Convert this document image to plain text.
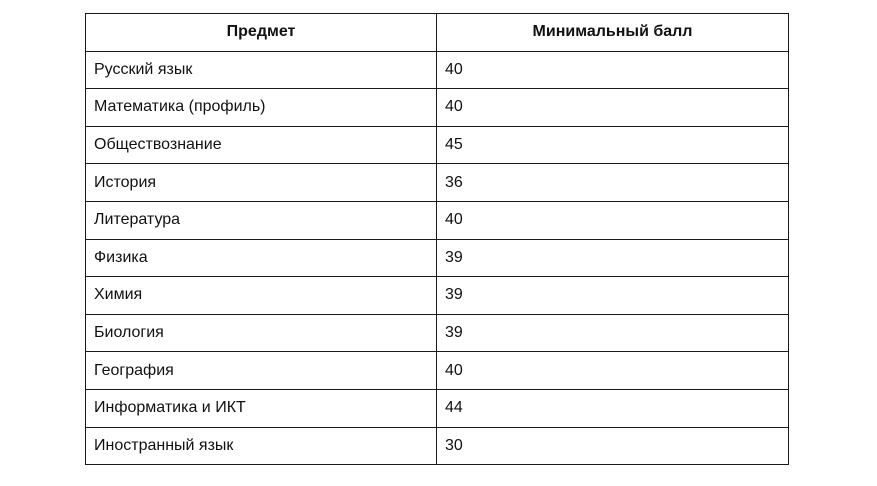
Предмет	Минимальный балл
Русский язык	40
Математика (профиль)	40
Обществознание	45
История	36
Литература	40
Физика	39
Химия	39
Биология	39
География	40
Информатика и ИКТ	44
Иностранный язык	30
